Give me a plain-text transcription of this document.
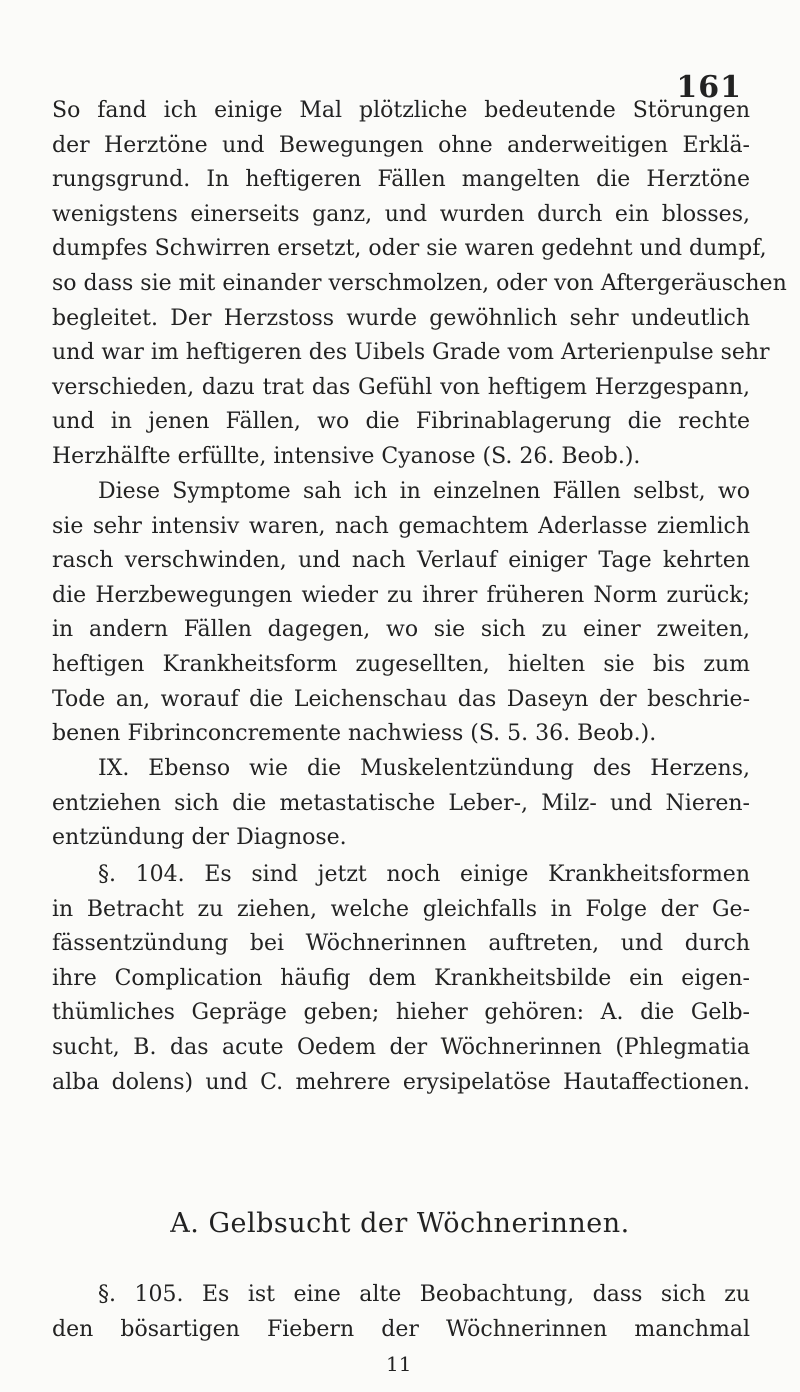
161
So fand ich einige Mal plötzliche bedeutende Störungen
der Herztöne und Bewegungen ohne anderweitigen Erklä-
rungsgrund. In heftigeren Fällen mangelten die Herztöne
wenigstens einerseits ganz, und wurden durch ein blosses,
dumpfes Schwirren ersetzt, oder sie waren gedehnt und dumpf,
so dass sie mit einander verschmolzen, oder von Aftergeräuschen
begleitet. Der Herzstoss wurde gewöhnlich sehr undeutlich
und war im heftigeren des Uibels Grade vom Arterienpulse sehr
verschieden, dazu trat das Gefühl von heftigem Herzgespann,
und in jenen Fällen, wo die Fibrinablagerung die rechte
Herzhälfte erfüllte, intensive Cyanose (S. 26. Beob.).
Diese Symptome sah ich in einzelnen Fällen selbst, wo
sie sehr intensiv waren, nach gemachtem Aderlasse ziemlich
rasch verschwinden, und nach Verlauf einiger Tage kehrten
die Herzbewegungen wieder zu ihrer früheren Norm zurück;
in andern Fällen dagegen, wo sie sich zu einer zweiten,
heftigen Krankheitsform zugesellten, hielten sie bis zum
Tode an, worauf die Leichenschau das Daseyn der beschrie-
benen Fibrinconcremente nachwiess (S. 5. 36. Beob.).
IX. Ebenso wie die Muskelentzündung des Herzens,
entziehen sich die metastatische Leber-, Milz- und Nieren-
entzündung der Diagnose.
§. 104. Es sind jetzt noch einige Krankheitsformen
in Betracht zu ziehen, welche gleichfalls in Folge der Ge-
fässentzündung bei Wöchnerinnen auftreten, und durch
ihre Complication häufig dem Krankheitsbilde ein eigen-
thümliches Gepräge geben; hieher gehören: A. die Gelb-
sucht, B. das acute Oedem der Wöchnerinnen (Phlegmatia
alba dolens) und C. mehrere erysipelatöse Hautaffectionen.
A. Gelbsucht der Wöchnerinnen.
§. 105. Es ist eine alte Beobachtung, dass sich zu
den bösartigen Fiebern der Wöchnerinnen manchmal
11
